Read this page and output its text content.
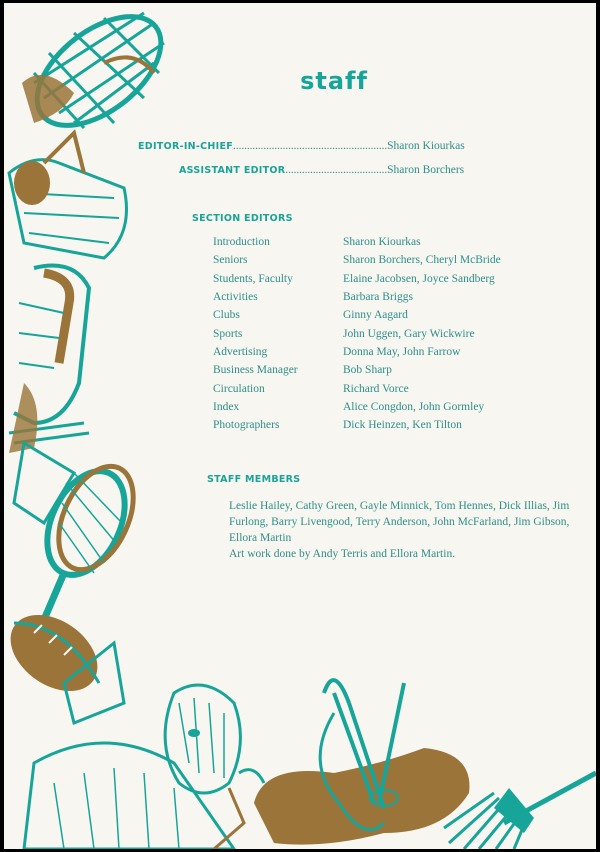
staff
EDITOR-IN-CHIEF........................................................Sharon Kiourkas
ASSISTANT EDITOR.....................................Sharon Borchers
SECTION EDITORS
Introduction	Sharon Kiourkas
Seniors	Sharon Borchers, Cheryl McBride
Students, Faculty	Elaine Jacobsen, Joyce Sandberg
Activities	Barbara Briggs
Clubs	Ginny Aagard
Sports	John Uggen, Gary Wickwire
Advertising	Donna May, John Farrow
Business Manager	Bob Sharp
Circulation	Richard Vorce
Index	Alice Congdon, John Gormley
Photographers	Dick Heinzen, Ken Tilton
STAFF MEMBERS
Leslie Hailey, Cathy Green, Gayle Minnick, Tom Hennes, Dick Illias, Jim Furlong, Barry Livengood, Terry Anderson, John McFarland, Jim Gibson, Ellora Martin
Art work done by Andy Terris and Ellora Martin.
